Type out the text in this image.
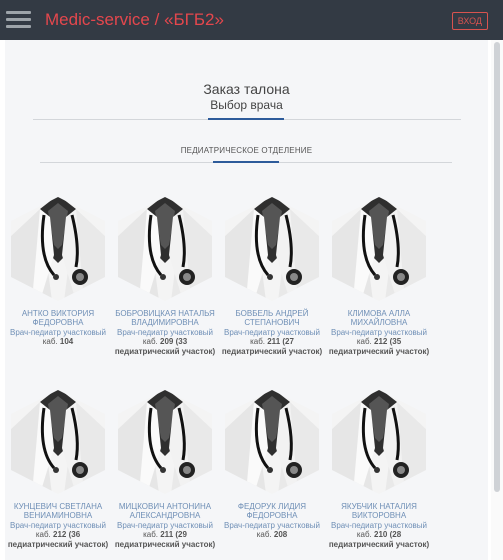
Medic-service / «БГБ2»	ВХОД
Заказ талона
Выбор врача
ПЕДИАТРИЧЕСКОЕ ОТДЕЛЕНИЕ
АНТКО ВИКТОРИЯ ФЕДОРОВНА
Врач-педиатр участковый
каб. 104
БОБРОВИЦКАЯ НАТАЛЬЯ ВЛАДИМИРОВНА
Врач-педиатр участковый
каб. 209 (33 педиатрический участок)
БОВБЕЛЬ АНДРЕЙ СТЕПАНОВИЧ
Врач-педиатр участковый
каб. 211 (27 педиатрический участок)
КЛИМОВА АЛЛА МИХАЙЛОВНА
Врач-педиатр участковый
каб. 212 (35 педиатрический участок)
КУНЦЕВИЧ СВЕТЛАНА ВЕНИАМИНОВНА
Врач-педиатр участковый
каб. 212 (36 педиатрический участок)
МИЦКОВИЧ АНТОНИНА АЛЕКСАНДРОВНА
Врач-педиатр участковый
каб. 211 (29 педиатрический участок)
ФЕДОРУК ЛИДИЯ ФЕДОРОВНА
Врач-педиатр участковый
каб. 208
ЯКУБЧИК НАТАЛИЯ ВИКТОРОВНА
Врач-педиатр участковый
каб. 210 (28 педиатрический участок)
